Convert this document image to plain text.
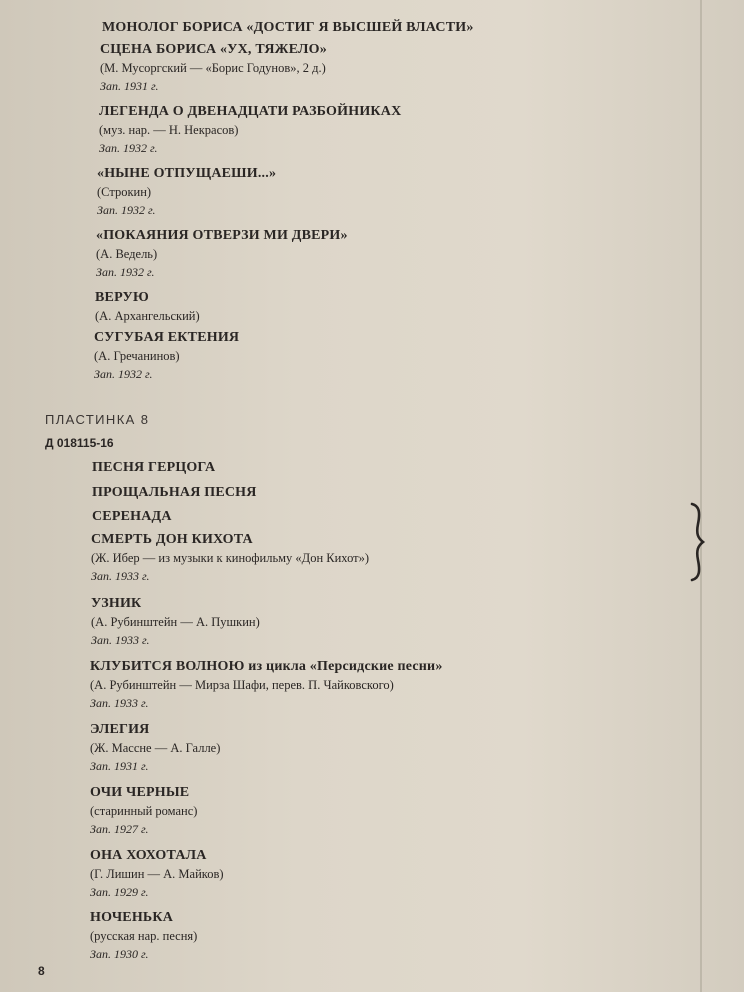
МОНОЛОГ БОРИСА «ДОСТИГ Я ВЫСШЕЙ ВЛАСТИ»
СЦЕНА БОРИСА «УХ, ТЯЖЕЛО»
(М. Мусоргский — «Борис Годунов», 2 д.)
Зап. 1931 г.
ЛЕГЕНДА О ДВЕНАДЦАТИ РАЗБОЙНИКАХ
(муз. нар. — Н. Некрасов)
Зап. 1932 г.
«НЫНЕ ОТПУЩАЕШИ...»
(Строкин)
Зап. 1932 г.
«ПОКАЯНИЯ ОТВЕРЗИ МИ ДВЕРИ»
(А. Ведель)
Зап. 1932 г.
ВЕРУЮ
(А. Архангельский)
СУГУБАЯ ЕКТЕНИЯ
(А. Гречанинов)
Зап. 1932 г.
ПЛАСТИНКА 8
Д 018115-16
ПЕСНЯ ГЕРЦОГА
ПРОЩАЛЬНАЯ ПЕСНЯ
СЕРЕНАДА
СМЕРТЬ ДОН КИХОТА
(Ж. Ибер — из музыки к кинофильму «Дон Кихот»)
Зап. 1933 г.
УЗНИК
(А. Рубинштейн — А. Пушкин)
Зап. 1933 г.
КЛУБИТСЯ ВОЛНОЮ из цикла «Персидские песни»
(А. Рубинштейн — Мирза Шафи, перев. П. Чайковского)
Зап. 1933 г.
ЭЛЕГИЯ
(Ж. Массне — А. Галле)
Зап. 1931 г.
ОЧИ ЧЕРНЫЕ
(старинный романс)
Зап. 1927 г.
ОНА ХОХОТАЛА
(Г. Лишин — А. Майков)
Зап. 1929 г.
НОЧЕНЬКА
(русская нар. песня)
Зап. 1930 г.
8
